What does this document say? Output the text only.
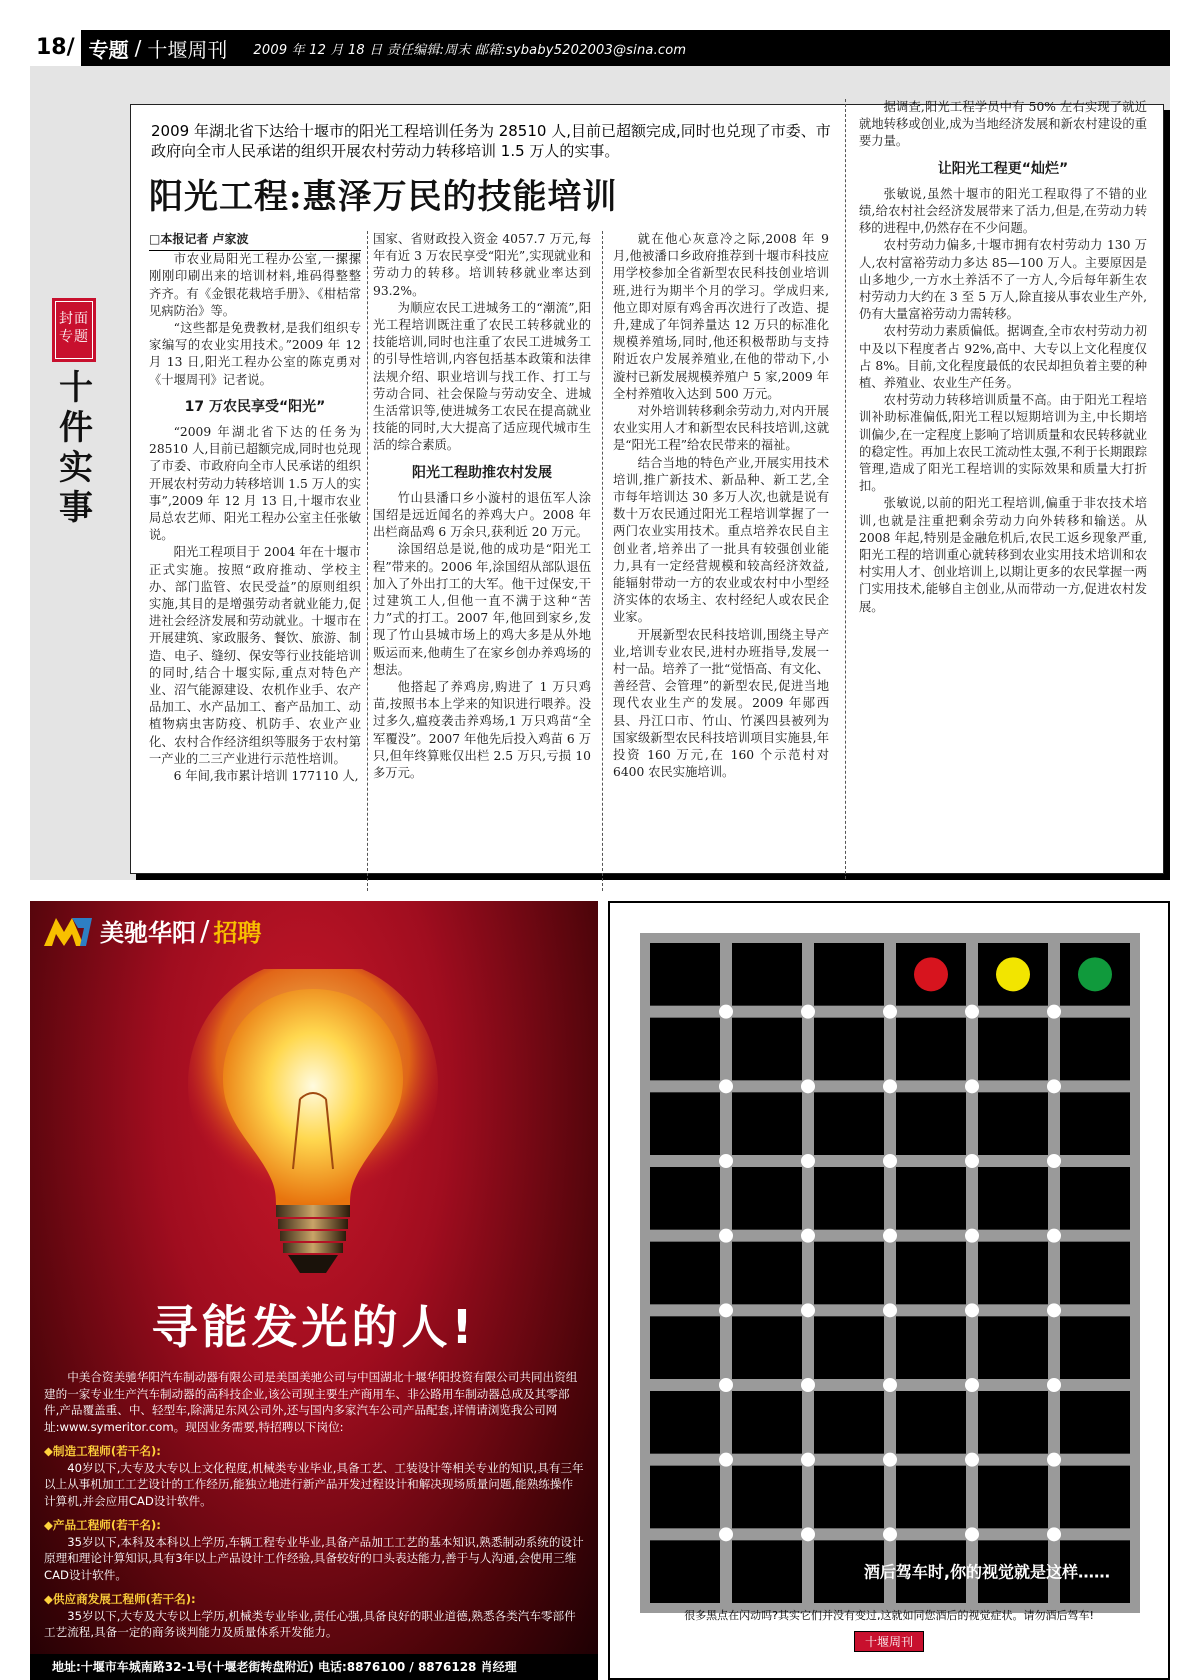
18/ 专题 / 十堰周刊 2009 年 12 月 18 日 责任编辑:周末 邮箱:sybaby5202003@sina.com
封面专题
十件实事
2009 年湖北省下达给十堰市的阳光工程培训任务为 28510 人,目前已超额完成,同时也兑现了市委、市政府向全市人民承诺的组织开展农村劳动力转移培训 1.5 万人的实事。
阳光工程:惠泽万民的技能培训

□本报记者 卢家波

市农业局阳光工程办公室,一摞摞刚刚印刷出来的培训材料,堆码得整整齐齐。有《金银花栽培手册》、《柑桔常见病防治》等。

“这些都是免费教材,是我们组织专家编写的农业实用技术。”2009 年 12 月 13 日,阳光工程办公室的陈克勇对《十堰周刊》记者说。

17 万农民享受“阳光”

“2009 年湖北省下达的任务为 28510 人,目前已超额完成,同时也兑现了市委、市政府向全市人民承诺的组织开展农村劳动力转移培训 1.5 万人的实事”,2009 年 12 月 13 日,十堰市农业局总农艺师、阳光工程办公室主任张敏说。

阳光工程项目于 2004 年在十堰市正式实施。按照“政府推动、学校主办、部门监管、农民受益”的原则组织实施,其目的是增强劳动者就业能力,促进社会经济发展和劳动就业。十堰市在开展建筑、家政服务、餐饮、旅游、制造、电子、缝纫、保安等行业技能培训的同时,结合十堰实际,重点对特色产业、沼气能源建设、农机作业手、农产品加工、水产品加工、畜产品加工、动植物病虫害防疫、机防手、农业产业化、农村合作经济组织等服务于农村第一产业的二三产业进行示范性培训。

6 年间,我市累计培训 177110 人,

国家、省财政投入资金 4057.7 万元,每年有近 3 万农民享受“阳光”,实现就业和劳动力的转移。培训转移就业率达到 93.2%。

为顺应农民工进城务工的“潮流”,阳光工程培训既注重了农民工转移就业的技能培训,同时也注重了农民工进城务工的引导性培训,内容包括基本政策和法律法规介绍、职业培训与找工作、打工与劳动合同、社会保险与劳动安全、进城生活常识等,使进城务工农民在提高就业技能的同时,大大提高了适应现代城市生活的综合素质。

阳光工程助推农村发展

竹山县潘口乡小漩村的退伍军人涂国绍是远近闻名的养鸡大户。2008 年出栏商品鸡 6 万余只,获利近 20 万元。

涂国绍总是说,他的成功是“阳光工程”带来的。2006 年,涂国绍从部队退伍加入了外出打工的大军。他干过保安,干过建筑工人,但他一直不满于这种“苦力”式的打工。2007 年,他回到家乡,发现了竹山县城市场上的鸡大多是从外地贩运而来,他萌生了在家乡创办养鸡场的想法。

他搭起了养鸡房,购进了 1 万只鸡苗,按照书本上学来的知识进行喂养。没过多久,瘟疫袭击养鸡场,1 万只鸡苗“全军覆没”。2007 年他先后投入鸡苗 6 万只,但年终算账仅出栏 2.5 万只,亏损 10 多万元。

就在他心灰意冷之际,2008 年 9 月,他被潘口乡政府推荐到十堰市科技应用学校参加全省新型农民科技创业培训班,进行为期半个月的学习。学成归来,他立即对原有鸡舍再次进行了改造、提升,建成了年饲养量达 12 万只的标准化规模养殖场,同时,他还积极帮助与支持附近农户发展养殖业,在他的带动下,小漩村已新发展规模养殖户 5 家,2009 年全村养殖收入达到 500 万元。

对外培训转移剩余劳动力,对内开展农业实用人才和新型农民科技培训,这就是“阳光工程”给农民带来的福祉。

结合当地的特色产业,开展实用技术培训,推广新技术、新品种、新工艺,全市每年培训达 30 多万人次,也就是说有数十万农民通过阳光工程培训掌握了一两门农业实用技术。重点培养农民自主创业者,培养出了一批具有较强创业能力,具有一定经营规模和较高经济效益,能辐射带动一方的农业或农村中小型经济实体的农场主、农村经纪人或农民企业家。

开展新型农民科技培训,围绕主导产业,培训专业农民,进村办班指导,发展一村一品。培养了一批“觉悟高、有文化、善经营、会管理”的新型农民,促进当地现代农业生产的发展。2009 年郧西县、丹江口市、竹山、竹溪四县被列为国家级新型农民科技培训项目实施县,年投资 160 万元,在 160 个示范村对 6400 农民实施培训。

据调查,阳光工程学员中有 50% 左右实现了就近就地转移或创业,成为当地经济发展和新农村建设的重要力量。

让阳光工程更“灿烂”

张敏说,虽然十堰市的阳光工程取得了不错的业绩,给农村社会经济发展带来了活力,但是,在劳动力转移的进程中,仍然存在不少问题。

农村劳动力偏多,十堰市拥有农村劳动力 130 万人,农村富裕劳动力多达 85—100 万人。主要原因是山多地少,一方水土养活不了一方人,今后每年新生农村劳动力大约在 3 至 5 万人,除直接从事农业生产外,仍有大量富裕劳动力需转移。

农村劳动力素质偏低。据调查,全市农村劳动力初中及以下程度者占 92%,高中、大专以上文化程度仅占 8%。目前,文化程度最低的农民却担负着主要的种植、养殖业、农业生产任务。

农村劳动力转移培训质量不高。由于阳光工程培训补助标准偏低,阳光工程以短期培训为主,中长期培训偏少,在一定程度上影响了培训质量和农民转移就业的稳定性。再加上农民工流动性太强,不利于长期跟踪管理,造成了阳光工程培训的实际效果和质量大打折扣。

张敏说,以前的阳光工程培训,偏重于非农技术培训,也就是注重把剩余劳动力向外转移和输送。从 2008 年起,特别是金融危机后,农民工返乡现象严重,阳光工程的培训重心就转移到农业实用技术培训和农村实用人才、创业培训上,以期让更多的农民掌握一两门实用技术,能够自主创业,从而带动一方,促进农村发展。

美驰华阳 / 招聘
寻能发光的人!

中美合资美驰华阳汽车制动器有限公司是美国美驰公司与中国湖北十堰华阳投资有限公司共同出资组建的一家专业生产汽车制动器的高科技企业,该公司现主要生产商用车、非公路用车制动器总成及其零部件,产品覆盖重、中、轻型车,除满足东风公司外,还与国内多家汽车公司产品配套,详情请浏览我公司网址:www.symeritor.com。现因业务需要,特招聘以下岗位:

◆制造工程师(若干名):

40岁以下,大专及大专以上文化程度,机械类专业毕业,具备工艺、工装设计等相关专业的知识,具有三年以上从事机加工工艺设计的工作经历,能独立地进行新产品开发过程设计和解决现场质量问题,能熟练操作计算机,并会应用CAD设计软件。

◆产品工程师(若干名):

35岁以下,本科及本科以上学历,车辆工程专业毕业,具备产品加工工艺的基本知识,熟悉制动系统的设计原理和理论计算知识,具有3年以上产品设计工作经验,具备较好的口头表达能力,善于与人沟通,会使用三维CAD设计软件。

◆供应商发展工程师(若干名):

35岁以下,大专及大专以上学历,机械类专业毕业,责任心强,具备良好的职业道德,熟悉各类汽车零部件工艺流程,具备一定的商务谈判能力及质量体系开发能力。

地址:十堰市车城南路32-1号(十堰老街转盘附近) 电话:8876100 / 8876128 肖经理
酒后驾车时,你的视觉就是这样……
很多黑点在闪动吗?其实它们并没有变过,这就如同您酒后的视觉症状。请勿酒后驾车!
十堰周刊
